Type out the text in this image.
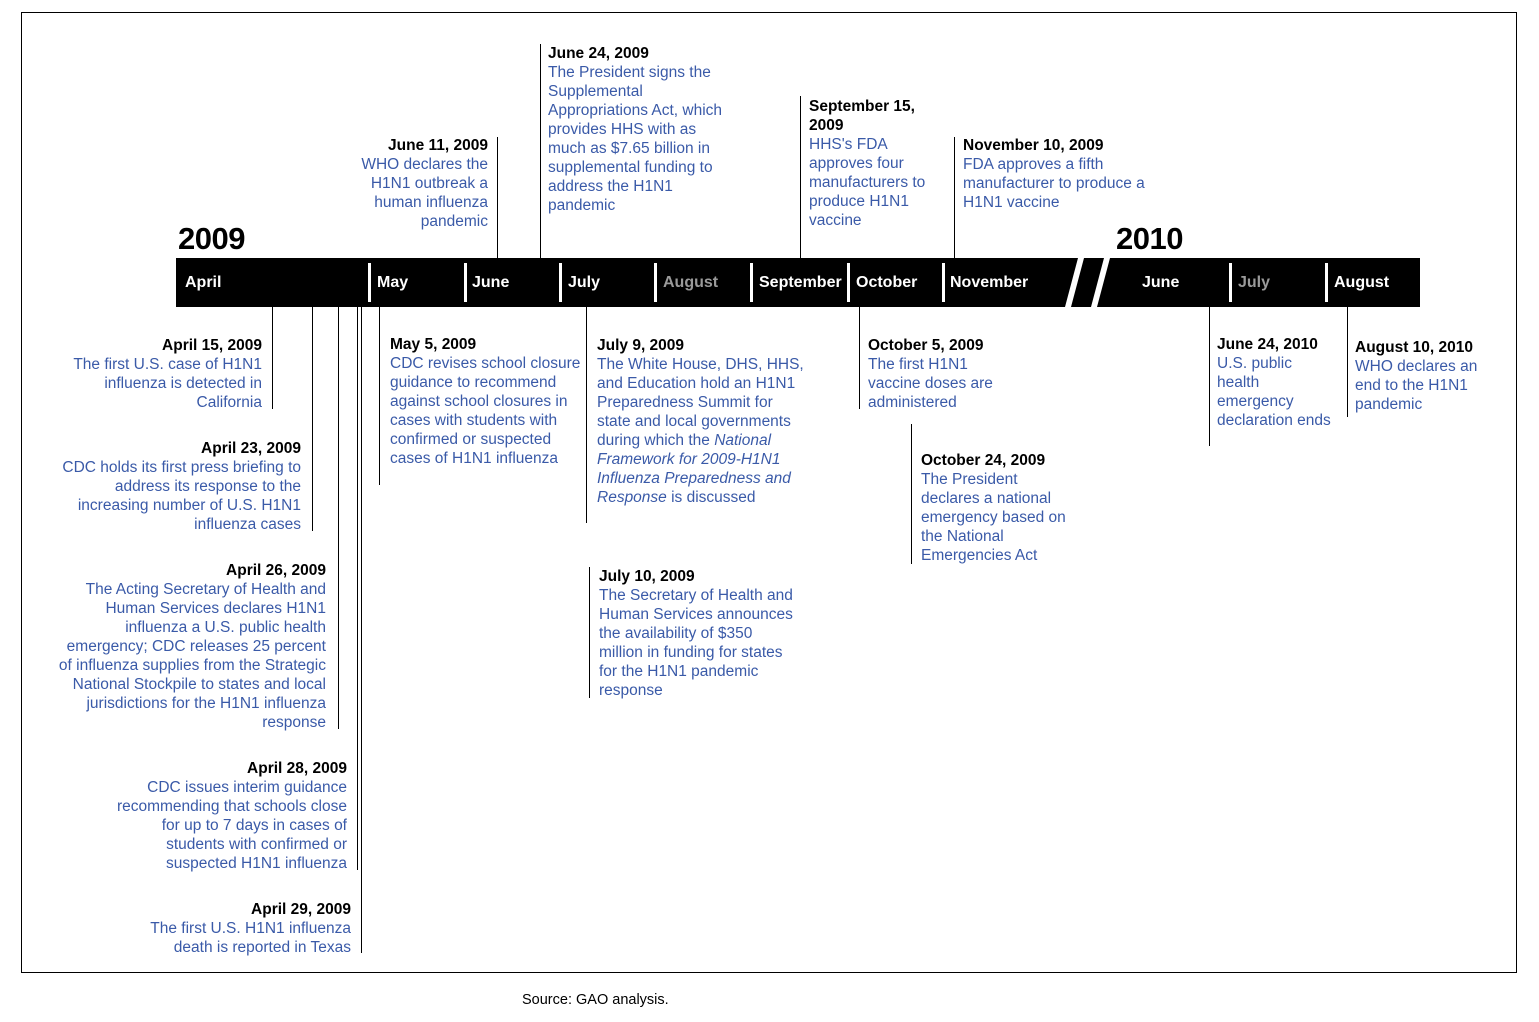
2009	2010
April	May	June	July	August	September October November	June	July	August
June 11, 2009
WHO declares the H1N1 outbreak a human influenza pandemic
June 24, 2009
The President signs the Supplemental Appropriations Act, which provides HHS with as much as $7.65 billion in supplemental funding to address the H1N1 pandemic
September 15, 2009
HHS's FDA approves four manufacturers to produce H1N1 vaccine
November 10, 2009
FDA approves a fifth manufacturer to produce a H1N1 vaccine
April 15, 2009
The first U.S. case of H1N1 influenza is detected in California
April 23, 2009
CDC holds its first press briefing to address its response to the increasing number of U.S. H1N1 influenza cases
April 26, 2009
The Acting Secretary of Health and Human Services declares H1N1 influenza a U.S. public health emergency; CDC releases 25 percent of influenza supplies from the Strategic National Stockpile to states and local jurisdictions for the H1N1 influenza response
April 28, 2009
CDC issues interim guidance recommending that schools close for up to 7 days in cases of students with confirmed or suspected H1N1 influenza
April 29, 2009
The first U.S. H1N1 influenza death is reported in Texas
May 5, 2009
CDC revises school closure guidance to recommend against school closures in cases with students with confirmed or suspected cases of H1N1 influenza
July 9, 2009
The White House, DHS, HHS, and Education hold an H1N1 Preparedness Summit for state and local governments during which the National Framework for 2009-H1N1 Influenza Preparedness and Response is discussed
July 10, 2009
The Secretary of Health and Human Services announces the availability of $350 million in funding for states for the H1N1 pandemic response
October 5, 2009
The first H1N1 vaccine doses are administered
October 24, 2009
The President declares a national emergency based on the National Emergencies Act
June 24, 2010
U.S. public health emergency declaration ends
August 10, 2010
WHO declares an end to the H1N1 pandemic
Source: GAO analysis.
